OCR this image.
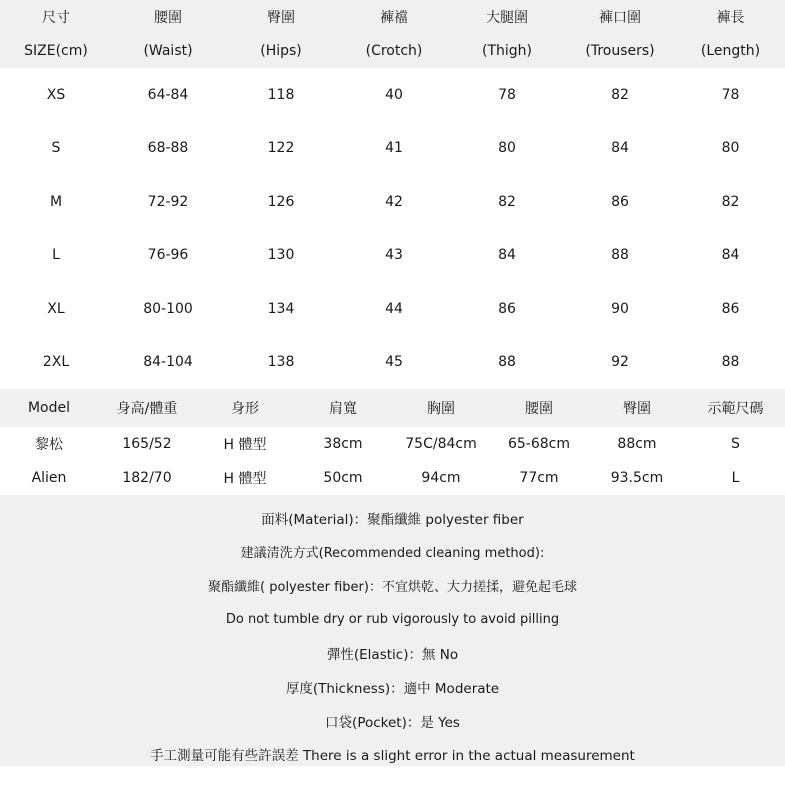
尺寸	腰圍	臀圍	褲襠	大腿圍	褲口圍	褲長
SIZE(cm)	(Waist)	(Hips)	(Crotch)	(Thigh)	(Trousers)	(Length)
XS	64-84	118	40	78	82	78
S	68-88	122	41	80	84	80
M	72-92	126	42	82	86	82
L	76-96	130	43	84	88	84
XL	80-100	134	44	86	90	86
2XL	84-104	138	45	88	92	88
Model	身高/體重	身形	肩寬	胸圍	腰圍	臀圍	示範尺碼
黎松	165/52	H 體型	38cm	75C/84cm	65-68cm	88cm	S
Alien	182/70	H 體型	50cm	94cm	77cm	93.5cm	L
面料(Material)：聚酯纖維 polyester fiber
建議清洗方式(Recommended cleaning method):
聚酯纖維( polyester fiber)：不宜烘乾、大力搓揉，避免起毛球
Do not tumble dry or rub vigorously to avoid pilling
彈性(Elastic)：無 No
厚度(Thickness)：適中 Moderate
口袋(Pocket)：是 Yes
手工測量可能有些許誤差 There is a slight error in the actual measurement
